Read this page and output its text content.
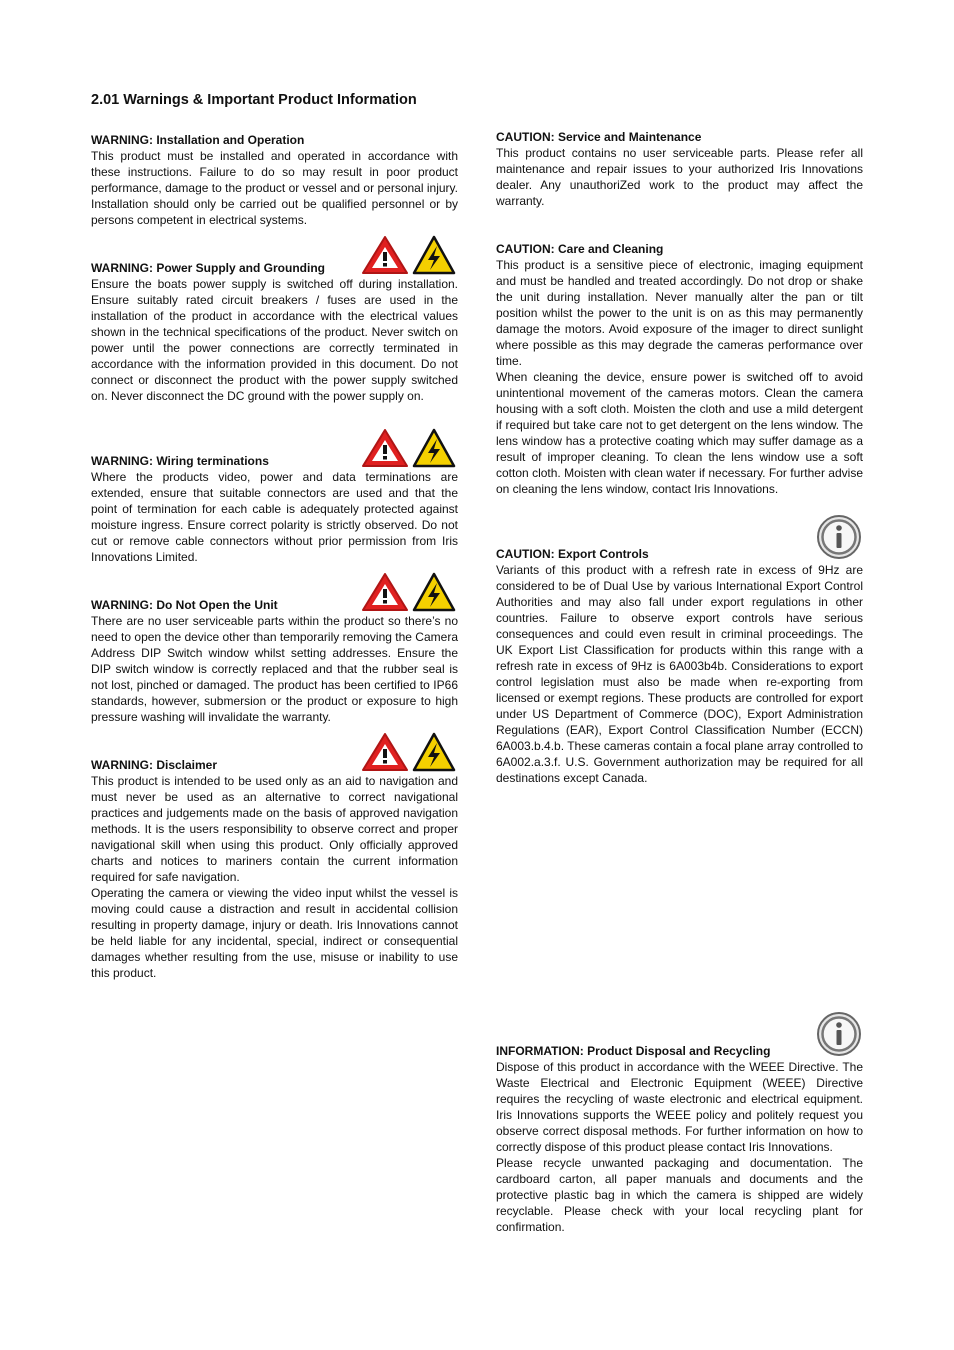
2.01 Warnings & Important Product Information

WARNING: Installation and Operation

This product must be installed and operated in accordance with these instructions. Failure to do so may result in poor product performance, damage to the product or vessel and or personal injury. Installation should only be carried out be qualified personnel or by persons competent in electrical systems.

WARNING: Power Supply and Grounding

Ensure the boats power supply is switched off during installation. Ensure suitably rated circuit breakers / fuses are used in the installation of the product in accordance with the electrical values shown in the technical specifications of the product. Never switch on power until the power connections are correctly terminated in accordance with the information provided in this document. Do not connect or disconnect the product with the power supply switched on. Never disconnect the DC ground with the power supply on.

WARNING: Wiring terminations

Where the products video, power and data terminations are extended, ensure that suitable connectors are used and that the point of termination for each cable is adequately protected against moisture ingress. Ensure correct polarity is strictly observed. Do not cut or remove cable connectors without prior permission from Iris Innovations Limited.

WARNING: Do Not Open the Unit

There are no user serviceable parts within the product so there’s no need to open the device other than temporarily removing the Camera Address DIP Switch window whilst setting addresses. Ensure the DIP switch window is correctly replaced and that the rubber seal is not lost, pinched or damaged. The product has been certified to IP66 standards, however, submersion or the product or exposure to high pressure washing will invalidate the warranty.

WARNING: Disclaimer

This product is intended to be used only as an aid to navigation and must never be used as an alternative to correct navigational practices and judgements made on the basis of approved navigation methods. It is the users responsibility to observe correct and proper navigational skill when using this product. Only officially approved charts and notices to mariners contain the current information required for safe navigation.

Operating the camera or viewing the video input whilst the vessel is moving could cause a distraction and result in accidental collision resulting in property damage, injury or death. Iris Innovations cannot be held liable for any incidental, special, indirect or consequential damages whether resulting from the use, misuse or inability to use this product.

CAUTION: Service and Maintenance

This product contains no user serviceable parts. Please refer all maintenance and repair issues to your authorized Iris Innovations dealer. Any unauthoriZed work to the product may affect the warranty.

CAUTION: Care and Cleaning

This product is a sensitive piece of electronic, imaging equipment and must be handled and treated accordingly. Do not drop or shake the unit during installation. Never manually alter the pan or tilt position whilst the power to the unit is on as this may permanently damage the motors. Avoid exposure of the imager to direct sunlight where possible as this may degrade the cameras performance over time.

When cleaning the device, ensure power is switched off to avoid unintentional movement of the cameras motors. Clean the camera housing with a soft cloth. Moisten the cloth and use a mild detergent if required but take care not to get detergent on the lens window. The lens window has a protective coating which may suffer damage as a result of improper cleaning. To clean the lens window use a soft cotton cloth. Moisten with clean water if necessary. For further advise on cleaning the lens window, contact Iris Innovations.

CAUTION: Export Controls

Variants of this product with a refresh rate in excess of 9Hz are considered to be of Dual Use by various International Export Control Authorities and may also fall under export regulations in other countries. Failure to observe export controls have serious consequences and could even result in criminal proceedings. The UK Export List Classification for products within this range with a refresh rate in excess of 9Hz is 6A003b4b. Considerations to export control legislation must also be made when re-exporting from licensed or exempt regions. These products are controlled for export under US Department of Commerce (DOC), Export Administration Regulations (EAR), Export Control Classification Number (ECCN) 6A003.b.4.b. These cameras contain a focal plane array controlled to 6A002.a.3.f. U.S. Government authorization may be required for all destinations except Canada.

INFORMATION: Product Disposal and Recycling

Dispose of this product in accordance with the WEEE Directive. The Waste Electrical and Electronic Equipment (WEEE) Directive requires the recycling of waste electronic and electrical equipment. Iris Innovations supports the WEEE policy and politely request you observe correct disposal methods. For further information on how to correctly dispose of this product please contact Iris Innovations.

Please recycle unwanted packaging and documentation. The cardboard carton, all paper manuals and documents and the protective plastic bag in which the camera is shipped are widely recyclable. Please check with your local recycling plant for confirmation.
